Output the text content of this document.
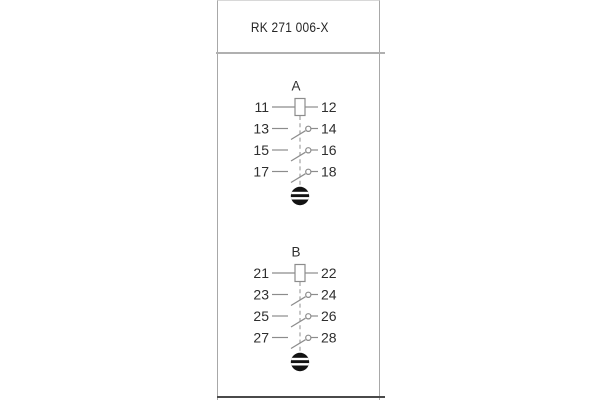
RK 271 006-X
A
11	12
13	14
15	16
17	18
B
21	22
23	24
25	26
27	28
